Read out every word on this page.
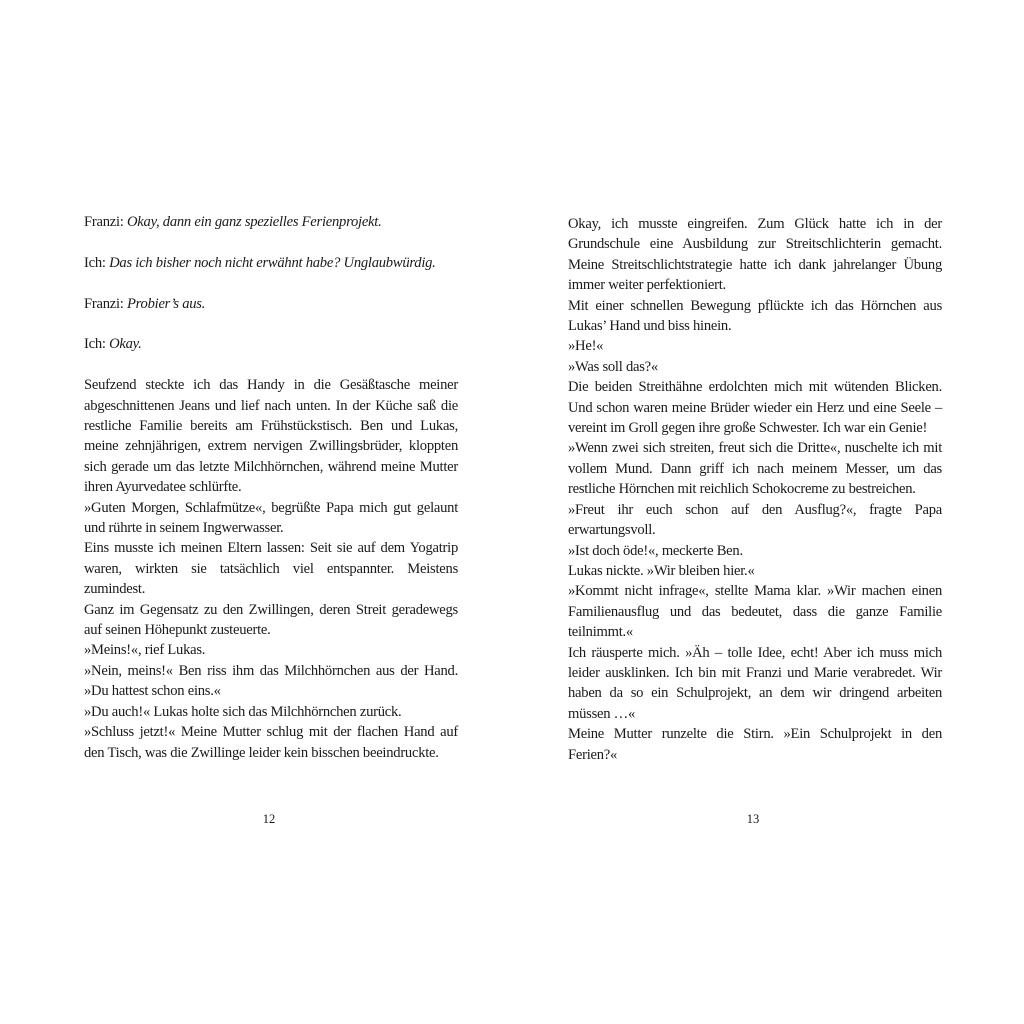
Franzi: Okay, dann ein ganz spezielles Ferienprojekt.

Ich: Das ich bisher noch nicht erwähnt habe? Unglaubwürdig.

Franzi: Probier’s aus.

Ich: Okay.

Seufzend steckte ich das Handy in die Gesäßtasche meiner abgeschnittenen Jeans und lief nach unten. In der Küche saß die restliche Familie bereits am Frühstückstisch. Ben und Lukas, meine zehnjährigen, extrem nervigen Zwillingsbrüder, kloppten sich gerade um das letzte Milchhörnchen, während meine Mutter ihren Ayurvedatee schlürfte.

»Guten Morgen, Schlafmütze«, begrüßte Papa mich gut gelaunt und rührte in seinem Ingwerwasser.

Eins musste ich meinen Eltern lassen: Seit sie auf dem Yogatrip waren, wirkten sie tatsächlich viel entspannter. Meistens zumindest.

Ganz im Gegensatz zu den Zwillingen, deren Streit geradewegs auf seinen Höhepunkt zusteuerte.

»Meins!«, rief Lukas.

»Nein, meins!« Ben riss ihm das Milchhörnchen aus der Hand. »Du hattest schon eins.«

»Du auch!« Lukas holte sich das Milchhörnchen zurück.

»Schluss jetzt!« Meine Mutter schlug mit der flachen Hand auf den Tisch, was die Zwillinge leider kein bisschen beeindruckte.

12

Okay, ich musste eingreifen. Zum Glück hatte ich in der Grundschule eine Ausbildung zur Streitschlichterin gemacht. Meine Streitschlichtstrategie hatte ich dank jahrelanger Übung immer weiter perfektioniert.

Mit einer schnellen Bewegung pflückte ich das Hörnchen aus Lukas’ Hand und biss hinein.

»He!«

»Was soll das?«

Die beiden Streithähne erdolchten mich mit wütenden Blicken. Und schon waren meine Brüder wieder ein Herz und eine Seele – vereint im Groll gegen ihre große Schwester. Ich war ein Genie!

»Wenn zwei sich streiten, freut sich die Dritte«, nuschelte ich mit vollem Mund. Dann griff ich nach meinem Messer, um das restliche Hörnchen mit reichlich Schokocreme zu bestreichen.

»Freut ihr euch schon auf den Ausflug?«, fragte Papa erwartungsvoll.

»Ist doch öde!«, meckerte Ben.

Lukas nickte. »Wir bleiben hier.«

»Kommt nicht infrage«, stellte Mama klar. »Wir machen einen Familienausflug und das bedeutet, dass die ganze Familie teilnimmt.«

Ich räusperte mich. »Äh – tolle Idee, echt! Aber ich muss mich leider ausklinken. Ich bin mit Franzi und Marie verabredet. Wir haben da so ein Schulprojekt, an dem wir dringend arbeiten müssen …«

Meine Mutter runzelte die Stirn. »Ein Schulprojekt in den Ferien?«

13
